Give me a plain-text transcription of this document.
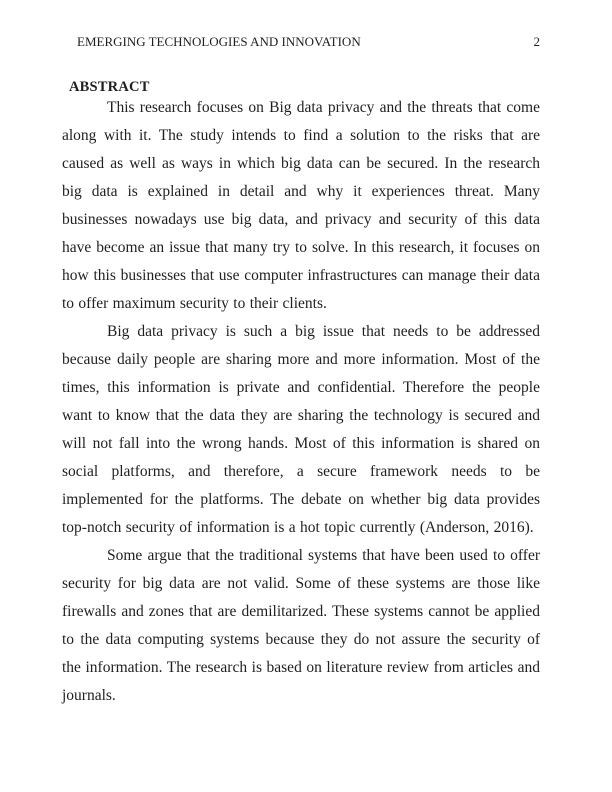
EMERGING TECHNOLOGIES AND INNOVATION	2
ABSTRACT

This research focuses on Big data privacy and the threats that come along with it. The study intends to find a solution to the risks that are caused as well as ways in which big data can be secured. In the research big data is explained in detail and why it experiences threat. Many businesses nowadays use big data, and privacy and security of this data have become an issue that many try to solve. In this research, it focuses on how this businesses that use computer infrastructures can manage their data to offer maximum security to their clients.

Big data privacy is such a big issue that needs to be addressed because daily people are sharing more and more information. Most of the times, this information is private and confidential. Therefore the people want to know that the data they are sharing the technology is secured and will not fall into the wrong hands. Most of this information is shared on social platforms, and therefore, a secure framework needs to be implemented for the platforms. The debate on whether big data provides top-notch security of information is a hot topic currently (Anderson, 2016).

Some argue that the traditional systems that have been used to offer security for big data are not valid. Some of these systems are those like firewalls and zones that are demilitarized. These systems cannot be applied to the data computing systems because they do not assure the security of the information. The research is based on literature review from articles and journals.
